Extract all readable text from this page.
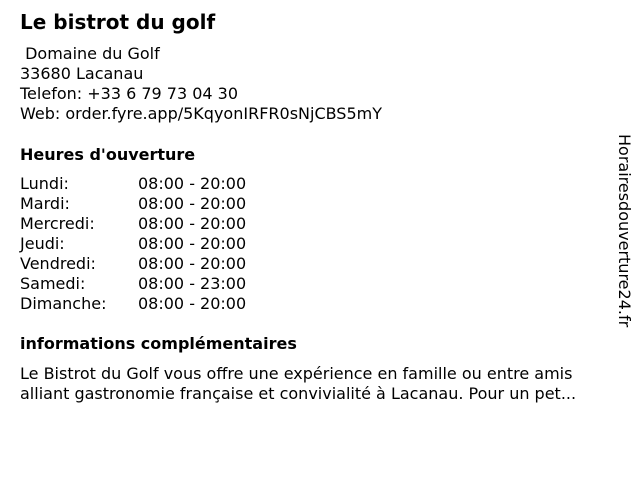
Le bistrot du golf
Domaine du Golf
33680 Lacanau
Telefon: +33 6 79 73 04 30
Web: order.fyre.app/5KqyonIRFR0sNjCBS5mY
Heures d'ouverture
Lundi:	08:00 - 20:00
Mardi:	08:00 - 20:00
Mercredi:	08:00 - 20:00
Jeudi:	08:00 - 20:00
Vendredi:	08:00 - 20:00
Samedi:	08:00 - 23:00
Dimanche:	08:00 - 20:00
informations complémentaires
Le Bistrot du Golf vous offre une expérience en famille ou entre amis
alliant gastronomie française et convivialité à Lacanau. Pour un pet...
Horairesdouverture24.fr
